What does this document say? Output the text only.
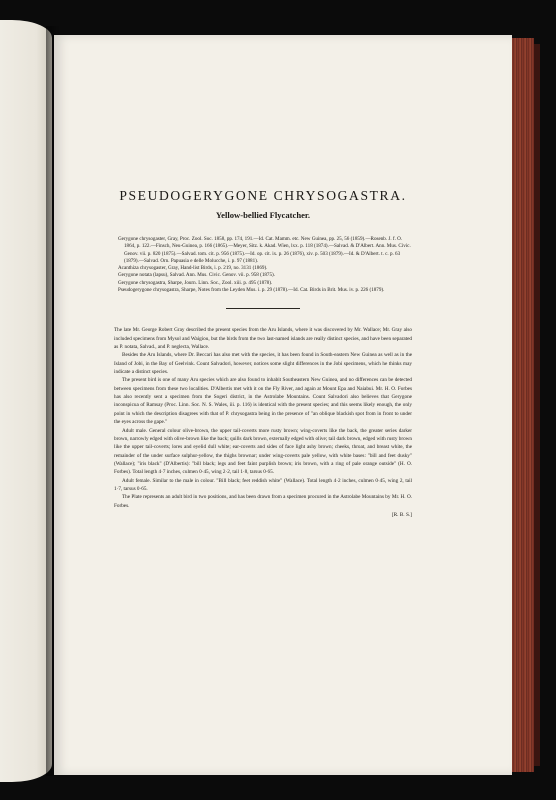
PSEUDOGERYGONE CHRYSOGASTRA.
Yellow-bellied Flycatcher.

Gerygone chrysogaster, Gray, Proc. Zool. Soc. 1858, pp. 174, 191.—Id. Cat. Mamm. etc. New Guinea, pp. 25, 56 (1859).—Rosenb. J. f. O. 1864, p. 122.—Finsch, Neu-Guinea, p. 166 (1865).—Meyer, Sitz. k. Akad. Wien, lxx. p. 118 (1874).—Salvad. & D'Albert. Ann. Mus. Civic. Genov. vii. p. 820 (1875).—Salvad. tom. cit. p. 956 (1875).—Id. op. cit. ix. p. 26 (1876), xiv. p. 503 (1879).—Id. & D'Albert. t. c. p. 63 (1879).—Salvad. Orn. Papuasia e delle Molucche, i. p. 97 (1881).

Acanthiza chrysogaster, Gray, Hand-list Birds, i. p. 219, no. 3131 (1869).

Gerygone notata (lapsu), Salvad. Ann. Mus. Civic. Genov. vii. p. 958 (1875).

Gerygone chrysogastra, Sharpe, Journ. Linn. Soc., Zool. xiii. p. 495 (1878).

Pseudogerygone chrysogastra, Sharpe, Notes from the Leyden Mus. i. p. 29 (1878).—Id. Cat. Birds in Brit. Mus. iv. p. 226 (1879).

The late Mr. George Robert Gray described the present species from the Aru Islands, where it was discovered by Mr. Wallace; Mr. Gray also included specimens from Mysol and Waigiou, but the birds from the two last-named islands are really distinct species, and have been separated as P. notata, Salvad., and P. neglecta, Wallace.

Besides the Aru Islands, where Dr. Beccari has also met with the species, it has been found in South-eastern New Guinea as well as in the Island of Jobi, in the Bay of Geelvink. Count Salvadori, however, notices some slight differences in the Jobi specimens, which he thinks may indicate a distinct species.

The present bird is one of many Aru species which are also found to inhabit Southeastern New Guinea, and no differences can be detected between specimens from these two localities. D'Albertis met with it on the Fly River, and again at Mount Epa and Naiabui. Mr. H. O. Forbes has also recently sent a specimen from the Sogeri district, in the Astrolabe Mountains. Count Salvadori also believes that Gerygone inconspicua of Ramsay (Proc. Linn. Soc. N. S. Wales, iii. p. 116) is identical with the present species; and this seems likely enough, the only point in which the description disagrees with that of P. chrysogastra being in the presence of "an oblique blackish spot from in front to under the eyes across the gape."

Adult male. General colour olive-brown, the upper tail-coverts more rusty brown; wing-coverts like the back, the greater series darker brown, narrowly edged with olive-brown like the back; quills dark brown, externally edged with olive; tail dark brown, edged with rusty brown like the upper tail-coverts; lores and eyelid dull white; ear-coverts and sides of face light ashy brown; cheeks, throat, and breast white, the remainder of the under surface sulphur-yellow, the thighs brownar; under wing-coverts pale yellow, with white bases: "bill and feet dusky" (Wallace); "iris black" (D'Albertis): "bill black; legs and feet faint purplish brown; iris brown, with a ring of pale orange outside" (H. O. Forbes). Total length 4·7 inches, culmen 0·45, wing 2·2, tail 1·8, tarsus 0·65.

Adult female. Similar to the male in colour. "Bill black; feet reddish white" (Wallace). Total length 4·2 inches, culmen 0·45, wing 2, tail 1·7, tarsus 0·65.

The Plate represents an adult bird in two positions, and has been drawn from a specimen procured in the Astrolabe Mountains by Mr. H. O. Forbes.

[R. B. S.]
